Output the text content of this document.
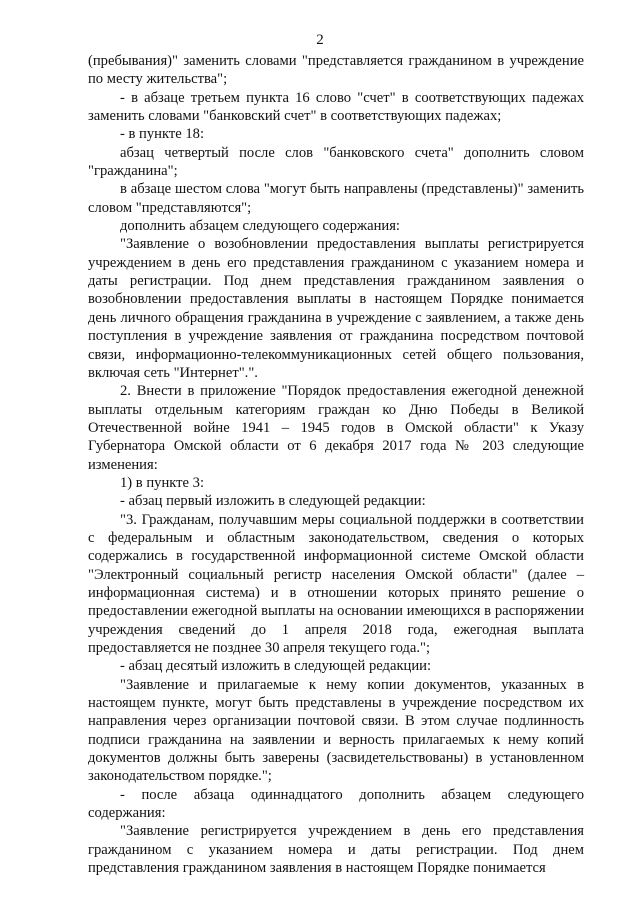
2

(пребывания)" заменить словами "представляется гражданином в учреждение по месту жительства";

- в абзаце третьем пункта 16 слово "счет" в соответствующих падежах заменить словами "банковский счет" в соответствующих падежах;

- в пункте 18:

абзац четвертый после слов "банковского счета" дополнить словом "гражданина";

в абзаце шестом слова "могут быть направлены (представлены)" заменить словом "представляются";

дополнить абзацем следующего содержания:

"Заявление о возобновлении предоставления выплаты регистрируется учреждением в день его представления гражданином с указанием номера и даты регистрации. Под днем представления гражданином заявления о возобновлении предоставления выплаты в настоящем Порядке понимается день личного обращения гражданина в учреждение с заявлением, а также день поступления в учреждение заявления от гражданина посредством почтовой связи, информационно-телекоммуникационных сетей общего пользования, включая сеть "Интернет".".

2. Внести в приложение "Порядок предоставления ежегодной денежной выплаты отдельным категориям граждан ко Дню Победы в Великой Отечественной войне 1941 – 1945 годов в Омской области" к Указу Губернатора Омской области от 6 декабря 2017 года № 203 следующие изменения:

1) в пункте 3:

- абзац первый изложить в следующей редакции:

"3. Гражданам, получавшим меры социальной поддержки в соответствии с федеральным и областным законодательством, сведения о которых содержались в государственной информационной системе Омской области "Электронный социальный регистр населения Омской области" (далее – информационная система) и в отношении которых принято решение о предоставлении ежегодной выплаты на основании имеющихся в распоряжении учреждения сведений до 1 апреля 2018 года, ежегодная выплата предоставляется не позднее 30 апреля текущего года.";

- абзац десятый изложить в следующей редакции:

"Заявление и прилагаемые к нему копии документов, указанных в настоящем пункте, могут быть представлены в учреждение посредством их направления через организации почтовой связи. В этом случае подлинность подписи гражданина на заявлении и верность прилагаемых к нему копий документов должны быть заверены (засвидетельствованы) в установленном законодательством порядке.";

- после абзаца одиннадцатого дополнить абзацем следующего содержания:

"Заявление регистрируется учреждением в день его представления гражданином с указанием номера и даты регистрации. Под днем представления гражданином заявления в настоящем Порядке понимается
